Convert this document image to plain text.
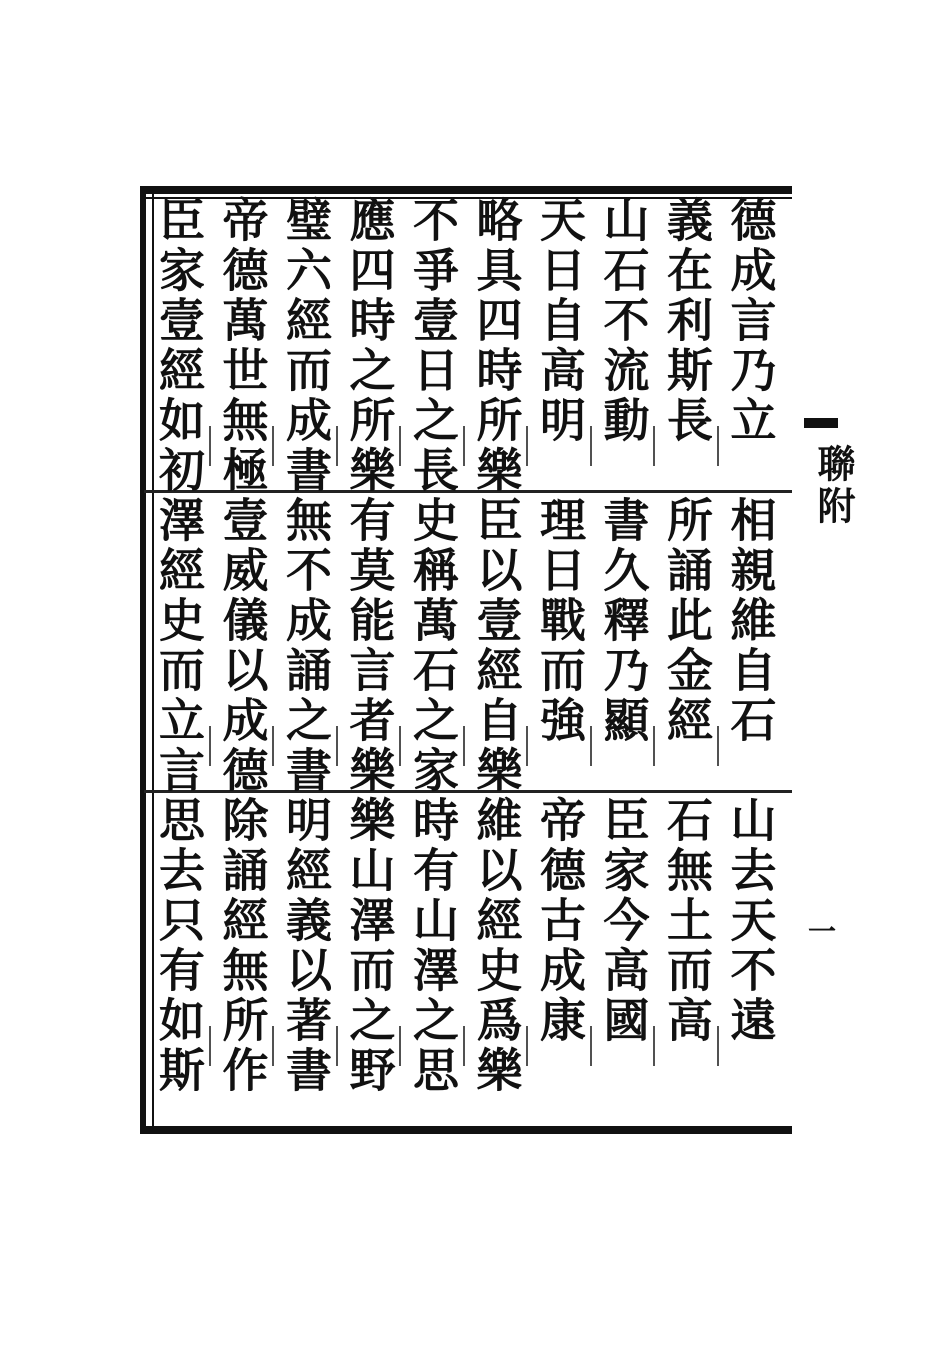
聯附
一
德成言乃立
義在利斯長
山石不流動
天日自高明
略具四時所樂
不爭壹日之長
應四時之所樂
璧六經而成書
帝德萬世無極
臣家壹經如初
相親維自石
所誦此金經
書久釋乃顯
理日戰而強
臣以壹經自樂
史稱萬石之家
有莫能言者樂
無不成誦之書
壹威儀以成德
澤經史而立言
山去天不遠
石無土而高
臣家今高國
帝德古成康
維以經史爲樂
時有山澤之思
樂山澤而之野
明經義以著書
除誦經無所作
思去只有如斯
